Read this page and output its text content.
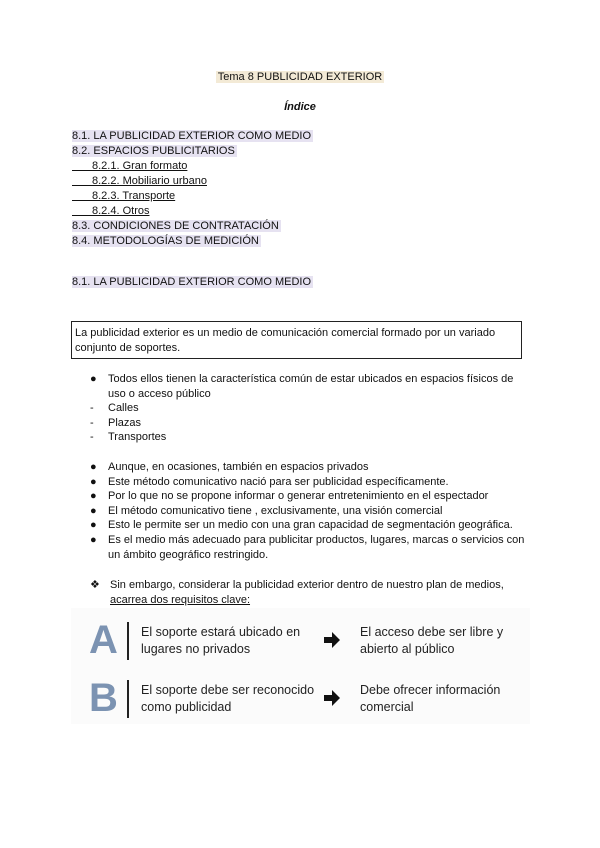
Tema 8 PUBLICIDAD EXTERIOR
Índice
8.1. LA PUBLICIDAD EXTERIOR COMO MEDIO
8.2. ESPACIOS PUBLICITARIOS
8.2.1. Gran formato
8.2.2. Mobiliario urbano
8.2.3. Transporte
8.2.4. Otros
8.3. CONDICIONES DE CONTRATACIÓN
8.4. METODOLOGÍAS DE MEDICIÓN
8.1. LA PUBLICIDAD EXTERIOR COMO MEDIO
La publicidad exterior es un medio de comunicación comercial formado por un variado conjunto de soportes.
●	Todos ellos tienen la característica común de estar ubicados en espacios físicos de uso o acceso público
-	Calles
-	Plazas
-	Transportes
●	Aunque, en ocasiones, también en espacios privados
●	Este método comunicativo nació para ser publicidad específicamente.
●	Por lo que no se propone informar o generar entretenimiento en el espectador
●	El método comunicativo tiene , exclusivamente, una visión comercial
●	Esto le permite ser un medio con una gran capacidad de segmentación geográfica.
●	Es el medio más adecuado para publicitar productos, lugares, marcas o servicios con un ámbito geográfico restringido.
❖ Sin embargo, considerar la publicidad exterior dentro de nuestro plan de medios,
acarrea dos requisitos clave:
A El soporte estará ubicado en lugares no privados
El acceso debe ser libre y abierto al público
B El soporte debe ser reconocido como publicidad
Debe ofrecer información comercial
